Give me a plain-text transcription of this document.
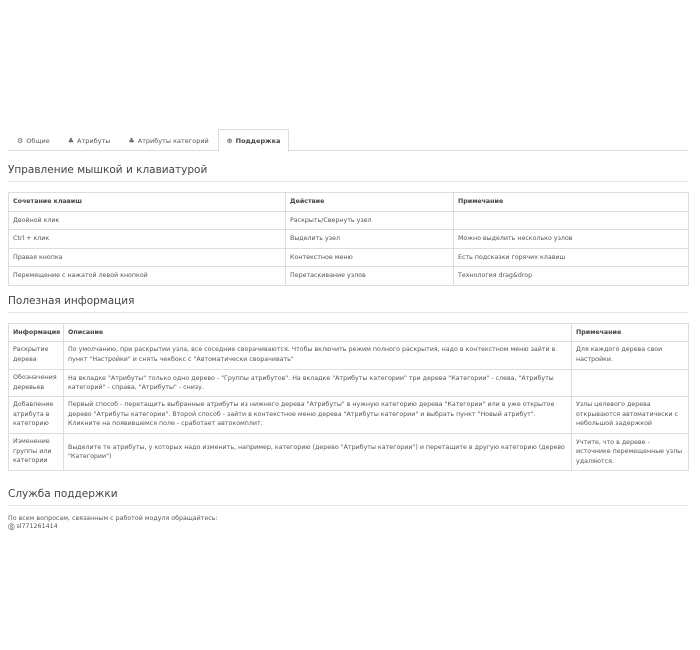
⚙ Общие	♣ Атрибуты	♣ Атрибуты категорий	⊕ Поддержка
Управление мышкой и клавиатурой
Сочетание клавиш	Действие	Примечание
Двойной клик	Раскрыть/Свернуть узел	
Ctrl + клик	Выделить узел	Можно выделить несколько узлов
Правая кнопка	Контекстное меню	Есть подсказки горячих клавиш
Перемещение с нажатой левой кнопкой	Перетаскивание узлов	Технология drag&drop
Полезная информация
Информация	Описание	Примечание
Раскрытие дерева	По умолчанию, при раскрытии узла, все соседние сворачиваются. Чтобы включить режим полного раскрытия, надо в контекстном меню зайти в пункт "Настройки" и снять чекбокс с "Автоматически сворачивать"	Для каждого дерева свои настройки.
Обозначения деревьев	На вкладке "Атрибуты" только одно дерево - "Группы атрибутов". На вкладке "Атрибуты категории" три дерева "Категории" - слева, "Атрибуты категорий" - справа, "Атрибуты" - снизу.	
Добавление атрибута в категорию	Первый способ - перетащить выбранные атрибуты из нижнего дерева "Атрибуты" в нужную категорию дерева "Категории" или в уже открытое дерево "Атрибуты категории". Второй способ - зайти в контекстное меню дерева "Атрибуты категории" и выбрать пункт "Новый атрибут". Кликните на появившемся поле - сработает автокомплит.	Узлы целевого дерева открываются автоматически с небольшой задержкой
Изменение группы или категории	Выделите те атрибуты, у которых надо изменить, например, категорию (дерево "Атрибуты категории") и перетащите в другую категорию (дерево "Категории")	Учтите, что в дереве - источнике перемещенные узлы удаляются.
Служба поддержки
По всем вопросам, связанным с работой модуля обращайтесь:
Ⓢ sl771261414
